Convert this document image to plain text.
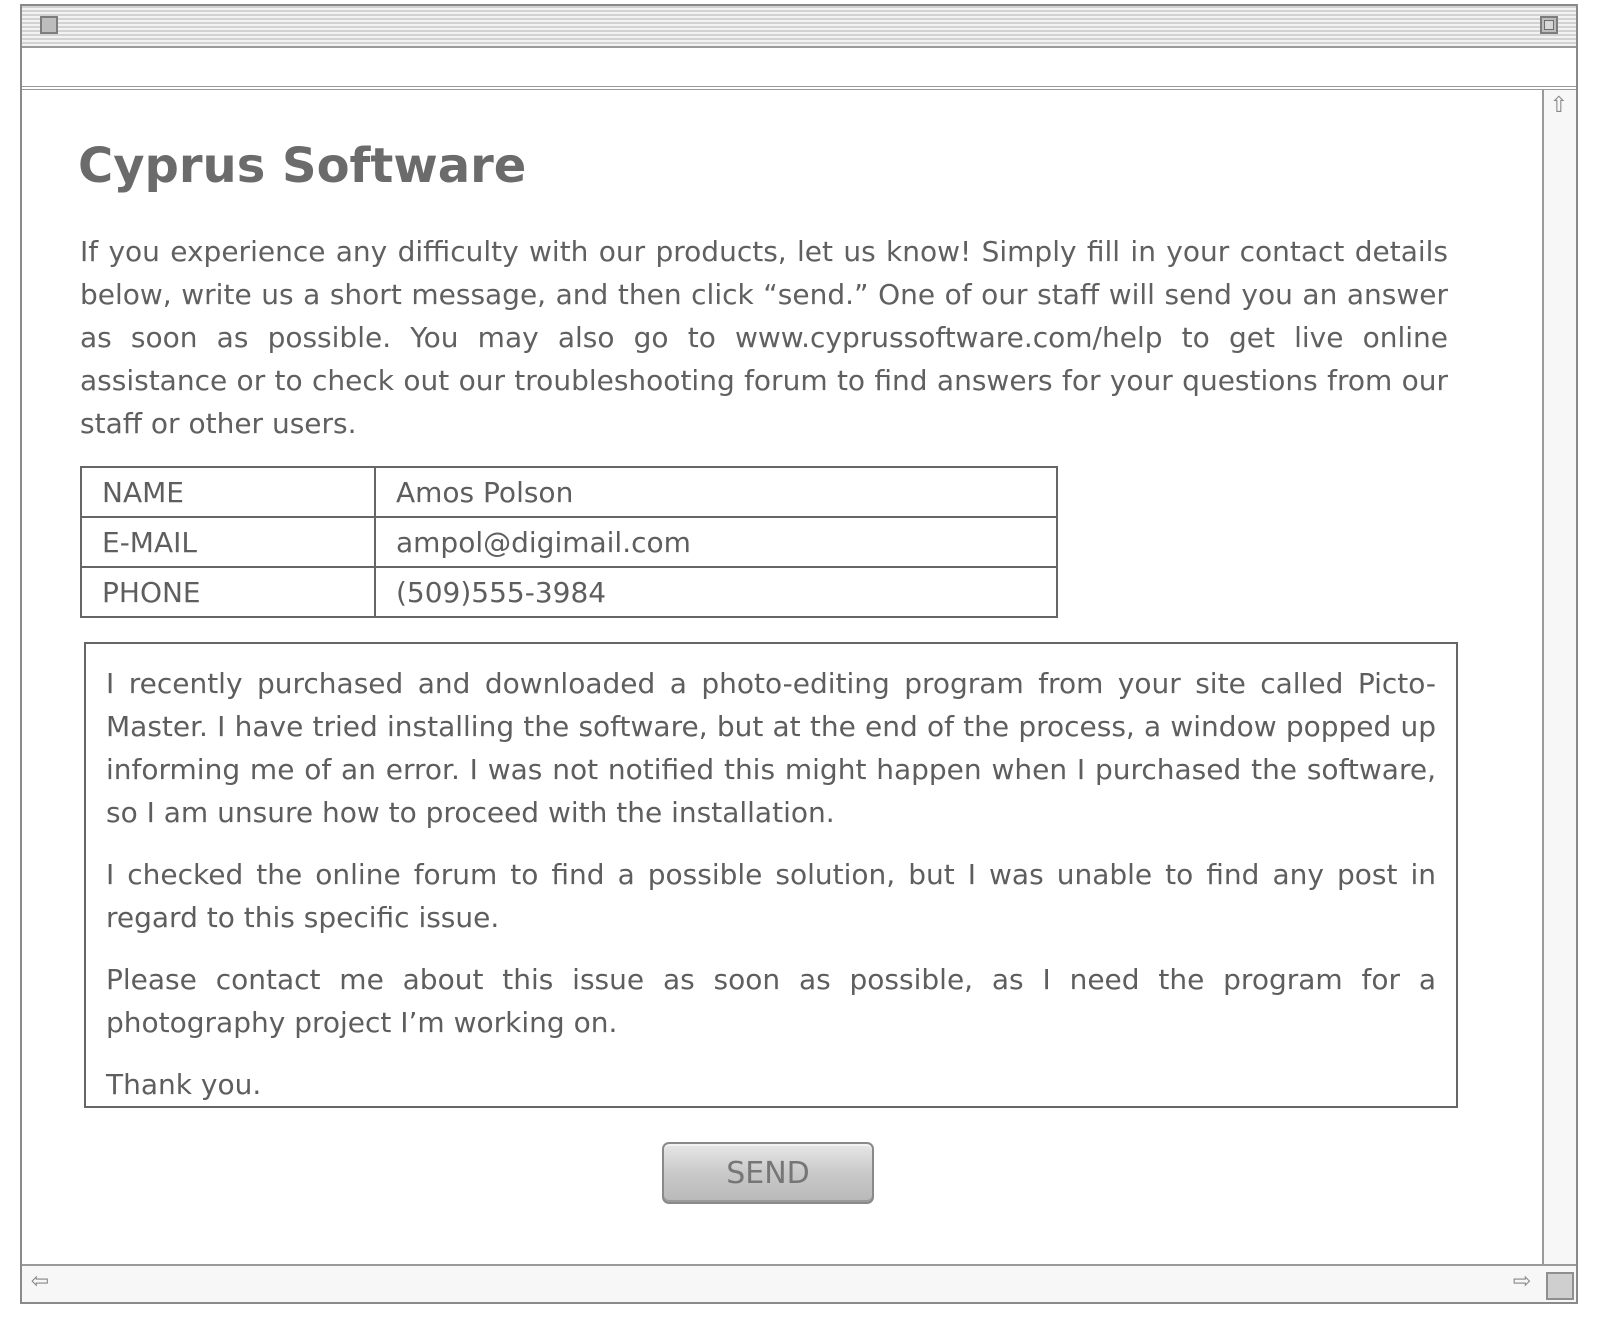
Cyprus Software

If you experience any difficulty with our products, let us know! Simply fill in your contact details below, write us a short message, and then click “send.” One of our staff will send you an answer as soon as possible. You may also go to www.cyprussoftware.com/help to get live online assistance or to check out our troubleshooting forum to find answers for your questions from our staff or other users.

NAME	Amos Polson
E-MAIL	ampol@digimail.com
PHONE	(509)555-3984

I recently purchased and downloaded a photo-editing program from your site called Picto-Master. I have tried installing the software, but at the end of the process, a window popped up informing me of an error. I was not notified this might happen when I purchased the software, so I am unsure how to proceed with the installation.

I checked the online forum to find a possible solution, but I was unable to find any post in regard to this specific issue.

Please contact me about this issue as soon as possible, as I need the program for a photography project I’m working on.

Thank you.

SEND
⇧
⇦	⇨
